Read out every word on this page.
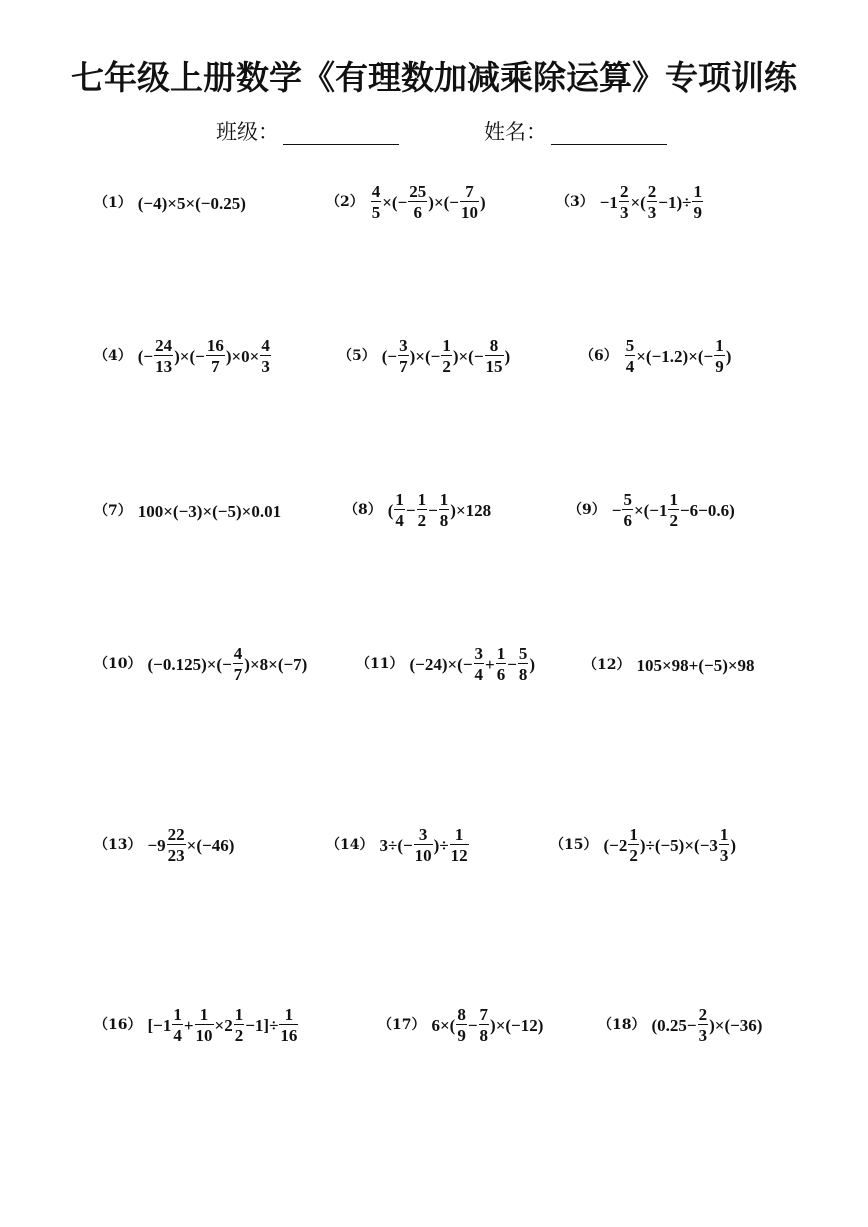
七年级上册数学《有理数加减乘除运算》专项训练
班级：	姓名：
（1） (−4)×5×(−0.25)	$(2) \frac{4}{5}$ ×(− $\frac{25}{6}$ )×(− $\frac{7}{10}$ )	$(3) -1 \frac{2}{3}$ ×( $\frac{2}{3} -1)\div \frac{1}{9}$
（4） (− $\frac{24}{13}$ )×(− $\frac{16}{7} )\times 0\times \frac{4}{3}$	（5） (− $\frac{3}{7}$ )×(− $\frac{1}{2}$ )×(− $\frac{8}{15}$ )	$(6) \frac{5}{4} \times(-1.2)\times(- \frac{1}{9}$ )
（7） 100×(−3)×(−5)×0.01	（8） ( $\frac{1}{4} - \frac{1}{2} - \frac{1}{8} )\times 128$	$(9) - \frac{5}{6} \times(-1 \frac{1}{2} -6-0.6)$
（10） $(-0.125)\times(- \frac{4}{7} )\times 8\times(-7)$	（11） $(-24)\times(- \frac{3}{4} + \frac{1}{6} - \frac{5}{8}$ )	（12） 105×98+(−5)×98
$(13) -9 \frac{22}{23} \times(-46)$	（14） $3\div(- \frac{3}{10}$ )÷ $\frac{1}{12}$	（15） $(-2 \frac{1}{2} )\div(-5)\times(-3 \frac{1}{3}$ )
（16） $[-1 \frac{1}{4} + \frac{1}{10} \times 2 \frac{1}{2} -1]\div \frac{1}{16}$	（17） $6\times( \frac{8}{9} - \frac{7}{8} )\times(-12)$	（18） $(0.25- \frac{2}{3} )\times(-36)$
